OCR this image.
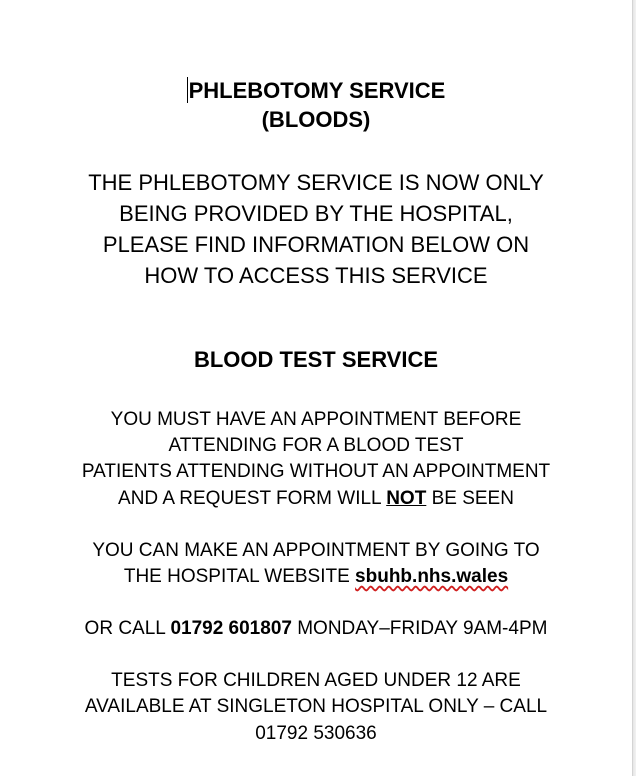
PHLEBOTOMY SERVICE
(BLOODS)
THE PHLEBOTOMY SERVICE IS NOW ONLY
BEING PROVIDED BY THE HOSPITAL,
PLEASE FIND INFORMATION BELOW ON
HOW TO ACCESS THIS SERVICE
BLOOD TEST SERVICE
YOU MUST HAVE AN APPOINTMENT BEFORE
ATTENDING FOR A BLOOD TEST
PATIENTS ATTENDING WITHOUT AN APPOINTMENT
AND A REQUEST FORM WILL NOT BE SEEN
YOU CAN MAKE AN APPOINTMENT BY GOING TO
THE HOSPITAL WEBSITE sbuhb.nhs.wales
OR CALL 01792 601807 MONDAY–FRIDAY 9AM-4PM
TESTS FOR CHILDREN AGED UNDER 12 ARE
AVAILABLE AT SINGLETON HOSPITAL ONLY – CALL
01792 530636
